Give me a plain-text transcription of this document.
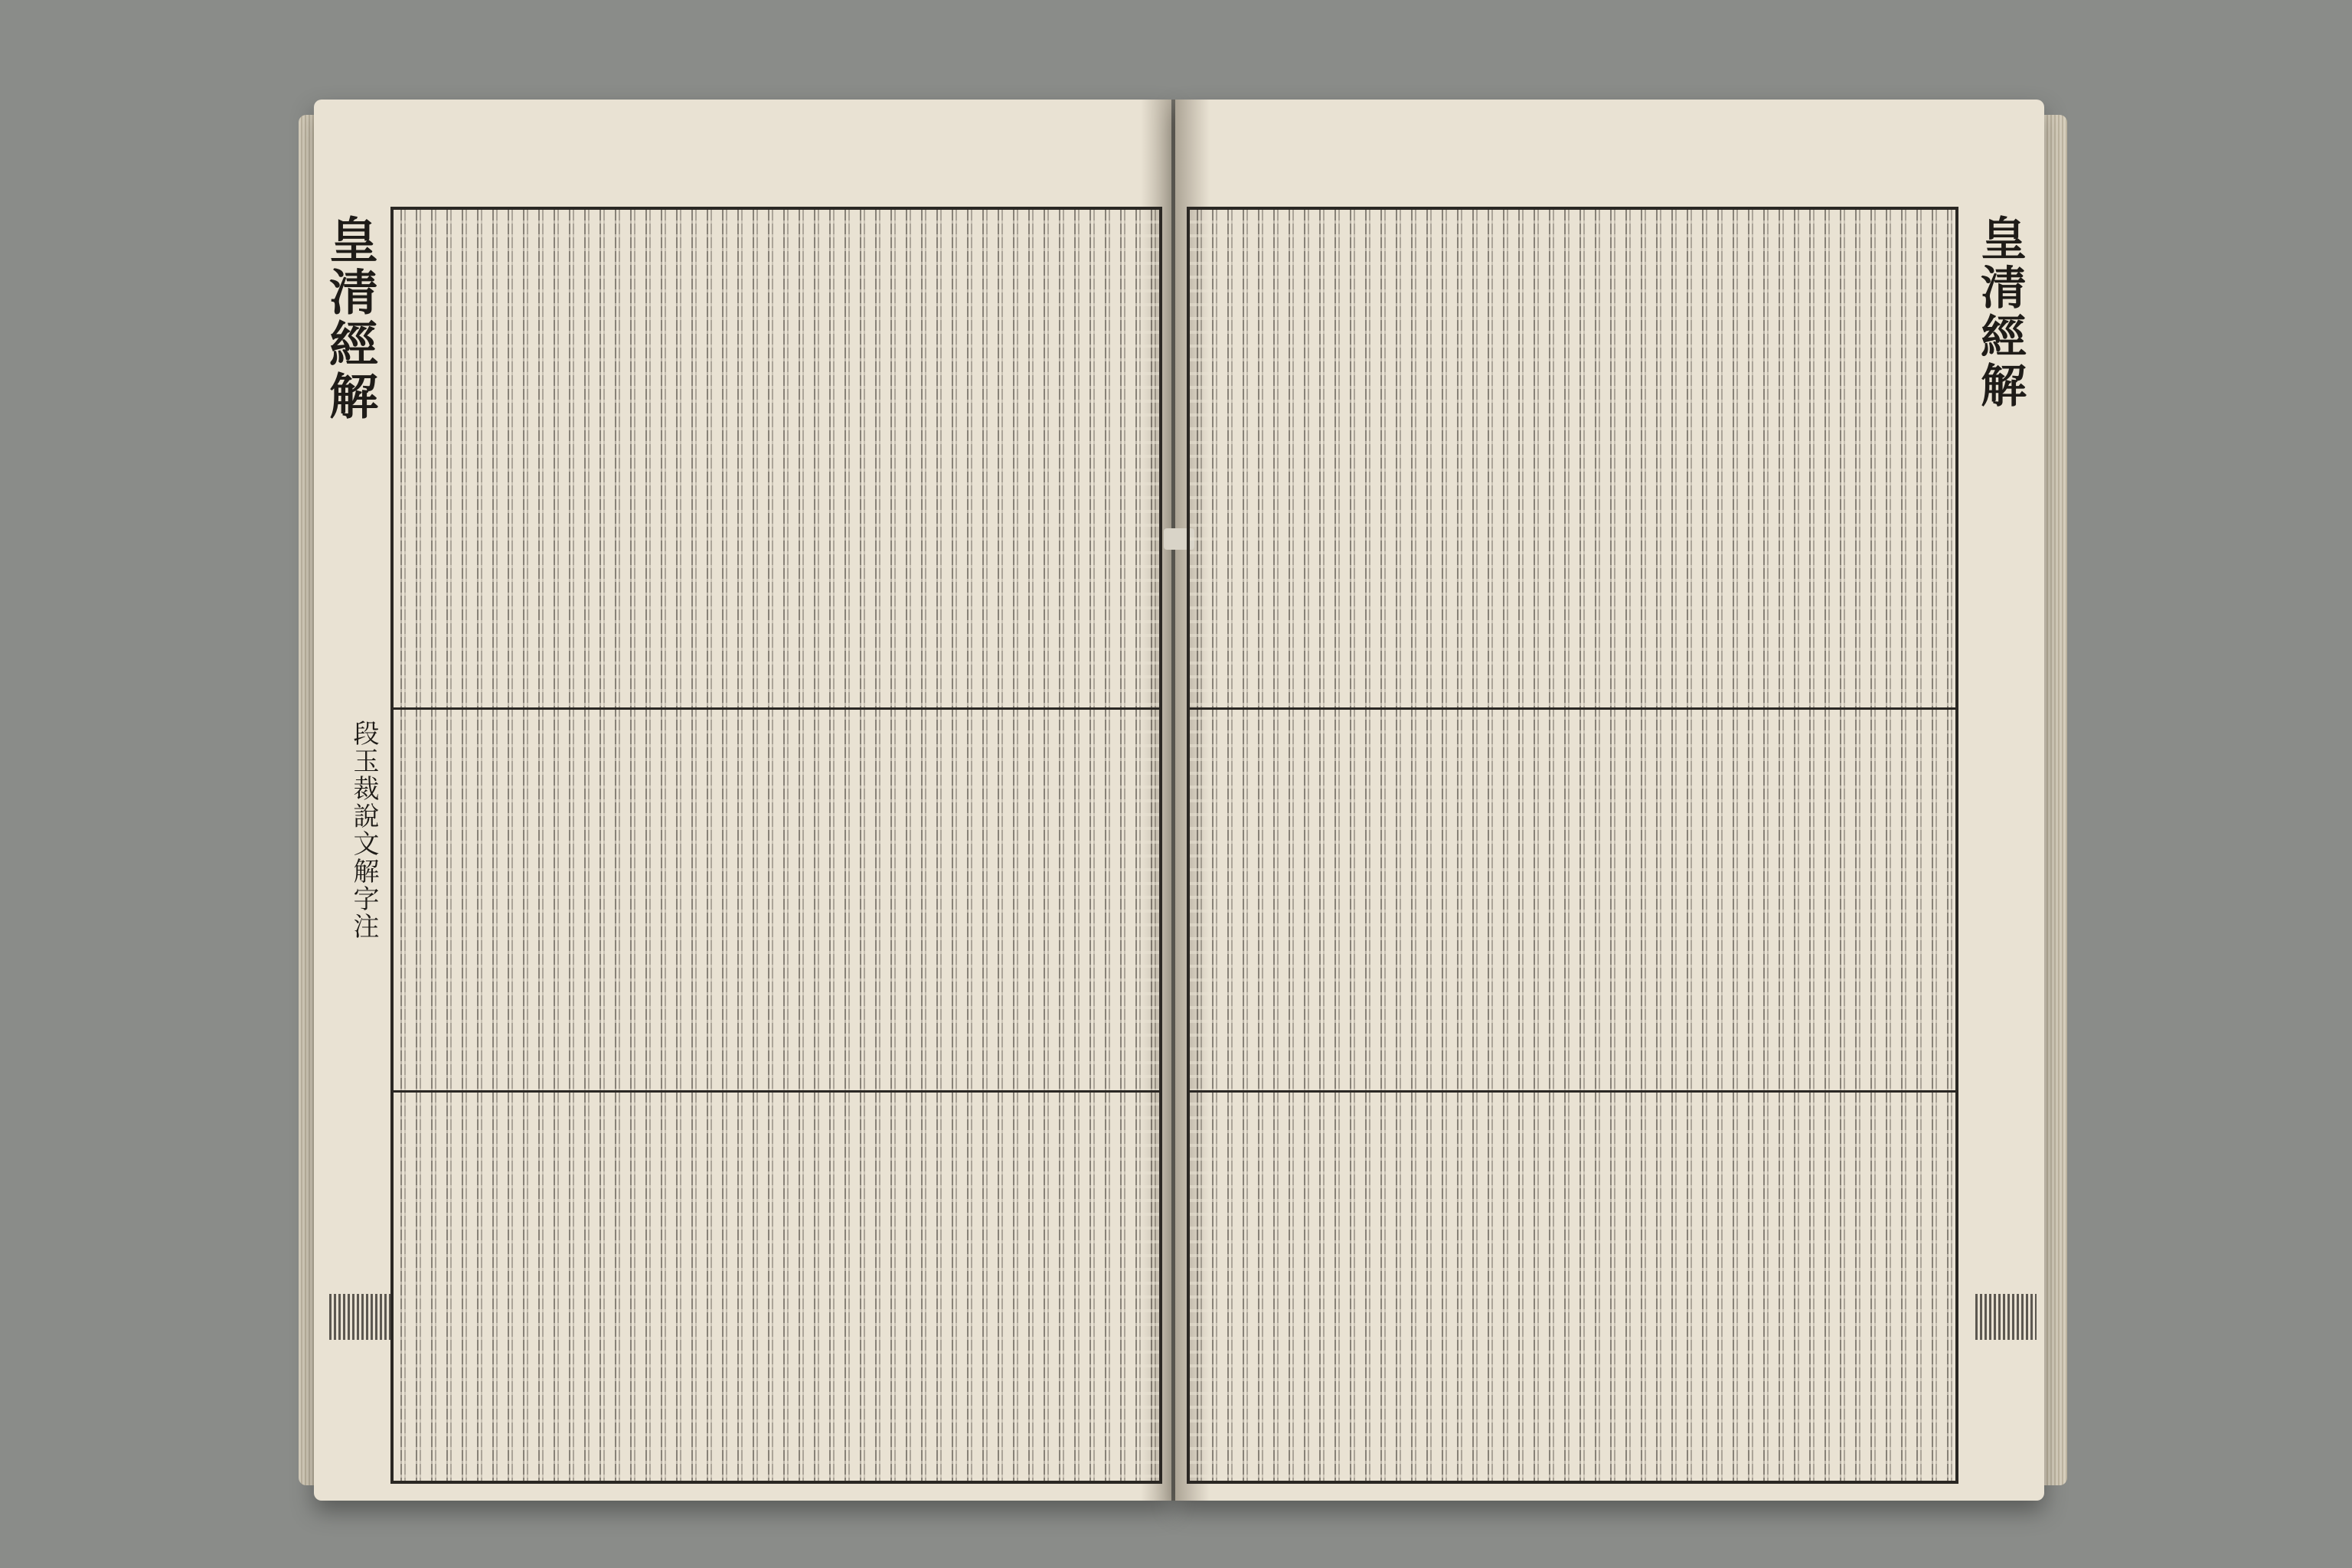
皇清經解
段玉裁說文解字注
皇清經解
